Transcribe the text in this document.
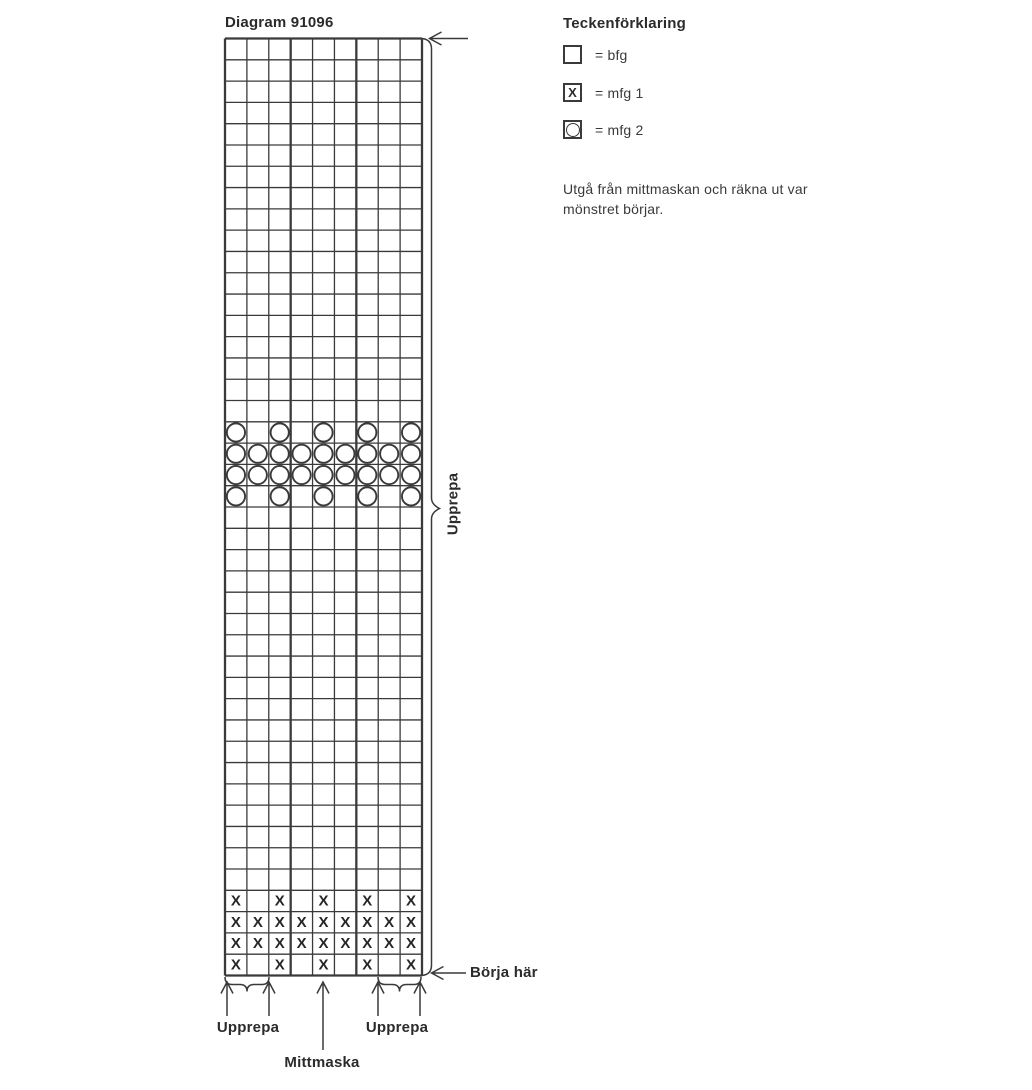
Diagram 91096
X X X X X
X X X X X X X X X
X X X X X X X X X
X X X X X
Upprepa
Teckenförklaring
= bfg
X = mfg 1
= mfg 2
Utgå från mittmaskan och räkna ut var
mönstret börjar.
Upprepa	Upprepa
Mittmaska
Börja här
